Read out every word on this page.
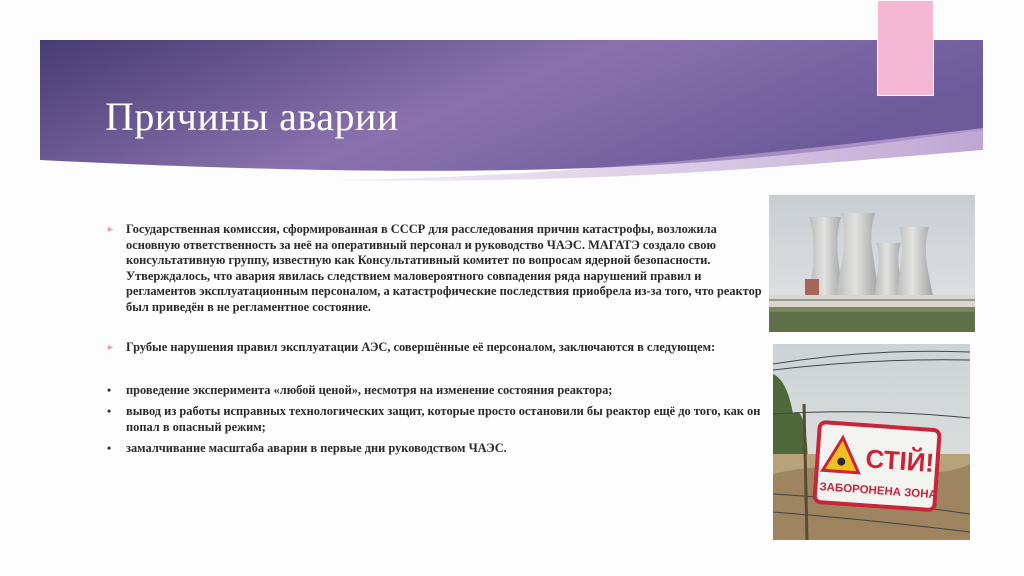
Причины аварии
► Государственная комиссия, сформированная в СССР для расследования причин катастрофы, возложила основную ответственность за неё на оперативный персонал и руководство ЧАЭС. МАГАТЭ создало свою консультативную группу, известную как Консультативный комитет по вопросам ядерной безопасности. Утверждалось, что авария явилась следствием маловероятного совпадения ряда нарушений правил и регламентов эксплуатационным персоналом, а катастрофические последствия приобрела из-за того, что реактор был приведён в не регламентное состояние.
► Грубые нарушения правил эксплуатации АЭС, совершённые её персоналом, заключаются в следующем:
• проведение эксперимента «любой ценой», несмотря на изменение состояния реактора;
• вывод из работы исправных технологических защит, которые просто остановили бы реактор ещё до того, как он попал в опасный режим;
• замалчивание масштаба аварии в первые дни руководством ЧАЭС.	СТІЙ!
ЗАБОРОНЕНА ЗОНА
